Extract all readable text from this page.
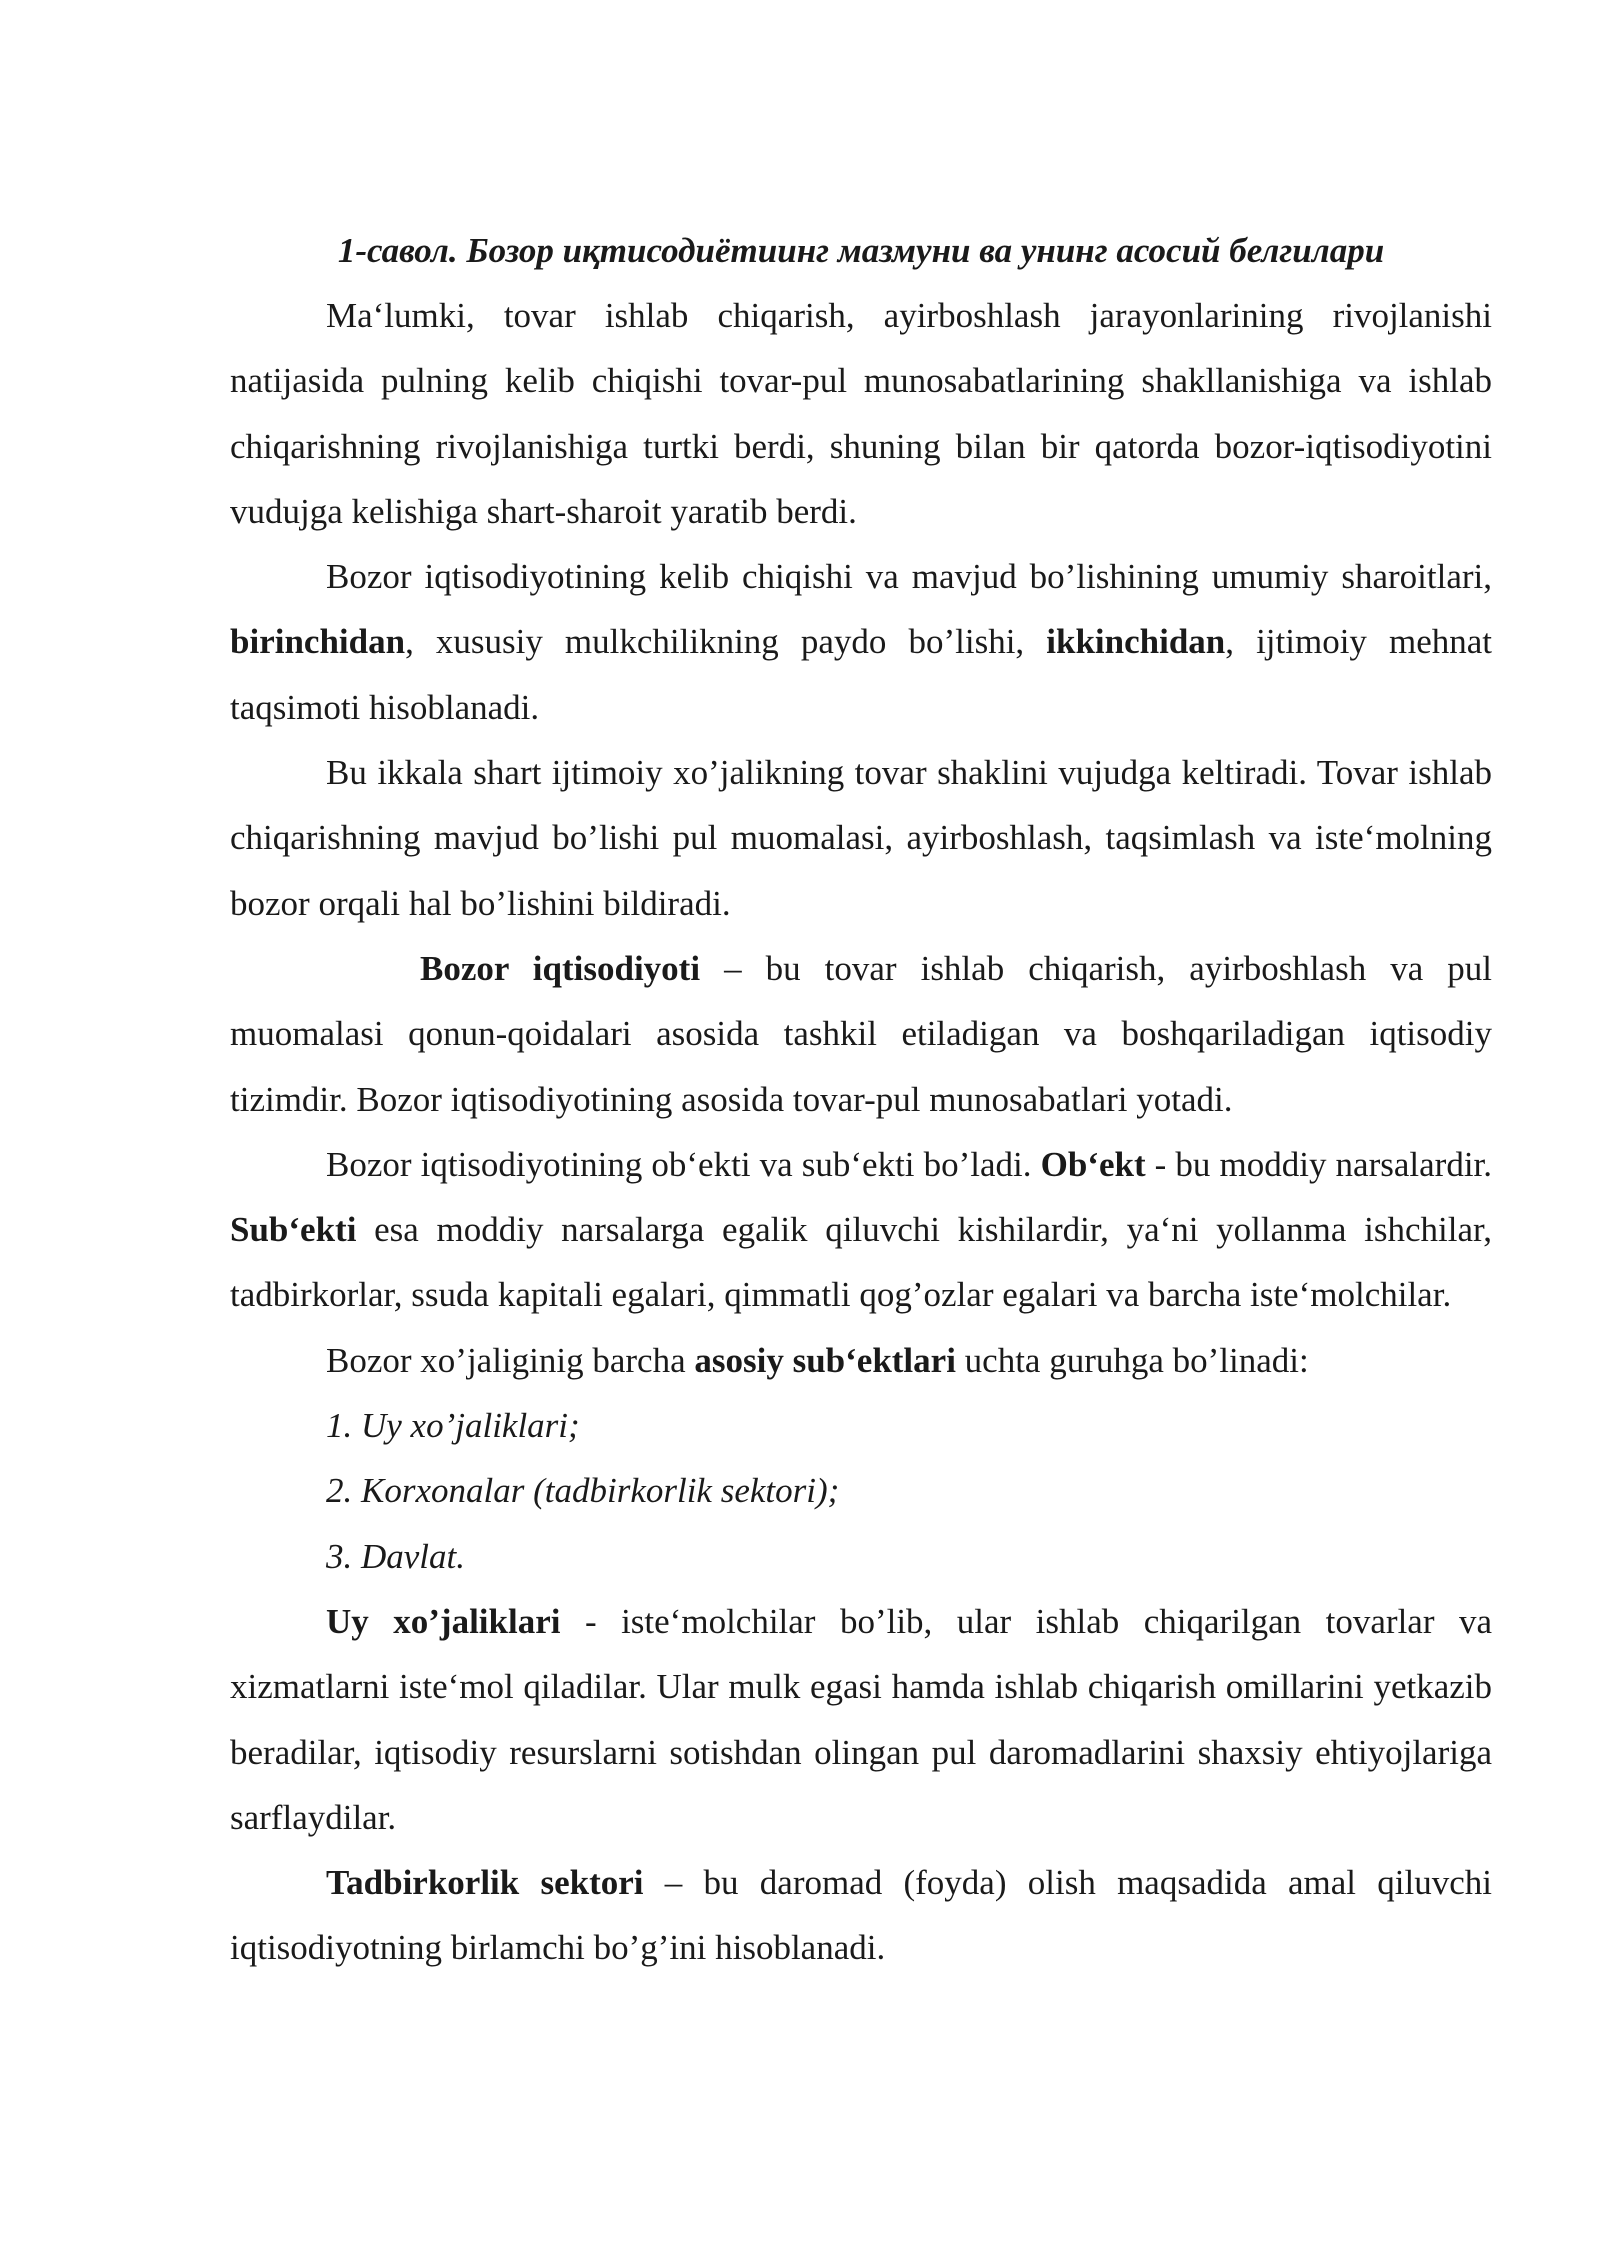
1-савол. Бозор иқтисодиётиинг мазмуни ва унинг асосий белгилари

Ma‘lumki, tovar ishlab chiqarish, ayirboshlash jarayonlarining rivojlanishi natijasida pulning kelib chiqishi tovar-pul munosabatlarining shakllanishiga va ishlab chiqarishning rivojlanishiga turtki berdi, shuning bilan bir qatorda bozor-iqtisodiyotini vudujga kelishiga shart-sharoit yaratib berdi.

Bozor iqtisodiyotining kelib chiqishi va mavjud bo’lishining umumiy sharoitlari, birinchidan, xususiy mulkchilikning paydo bo’lishi, ikkinchidan, ijtimoiy mehnat taqsimoti hisoblanadi.

Bu ikkala shart ijtimoiy xo’jalikning tovar shaklini vujudga keltiradi. Tovar ishlab chiqarishning mavjud bo’lishi pul muomalasi, ayirboshlash, taqsimlash va iste‘molning bozor orqali hal bo’lishini bildiradi.

Bozor iqtisodiyoti – bu tovar ishlab chiqarish, ayirboshlash va pul muomalasi qonun-qoidalari asosida tashkil etiladigan va boshqariladigan iqtisodiy tizimdir. Bozor iqtisodiyotining asosida tovar-pul munosabatlari yotadi.

Bozor iqtisodiyotining ob‘ekti va sub‘ekti bo’ladi. Ob‘ekt - bu moddiy narsalardir. Sub‘ekti esa moddiy narsalarga egalik qiluvchi kishilardir, ya‘ni yollanma ishchilar, tadbirkorlar, ssuda kapitali egalari, qimmatli qog’ozlar egalari va barcha iste‘molchilar.

Bozor xo’jaliginig barcha asosiy sub‘ektlari uchta guruhga bo’linadi:

1. Uy xo’jaliklari;

2. Korxonalar (tadbirkorlik sektori);

3. Davlat.

Uy xo’jaliklari - iste‘molchilar bo’lib, ular ishlab chiqarilgan tovarlar va xizmatlarni iste‘mol qiladilar. Ular mulk egasi hamda ishlab chiqarish omillarini yetkazib beradilar, iqtisodiy resurslarni sotishdan olingan pul daromadlarini shaxsiy ehtiyojlariga sarflaydilar.

Tadbirkorlik sektori – bu daromad (foyda) olish maqsadida amal qiluvchi iqtisodiyotning birlamchi bo’g’ini hisoblanadi.
